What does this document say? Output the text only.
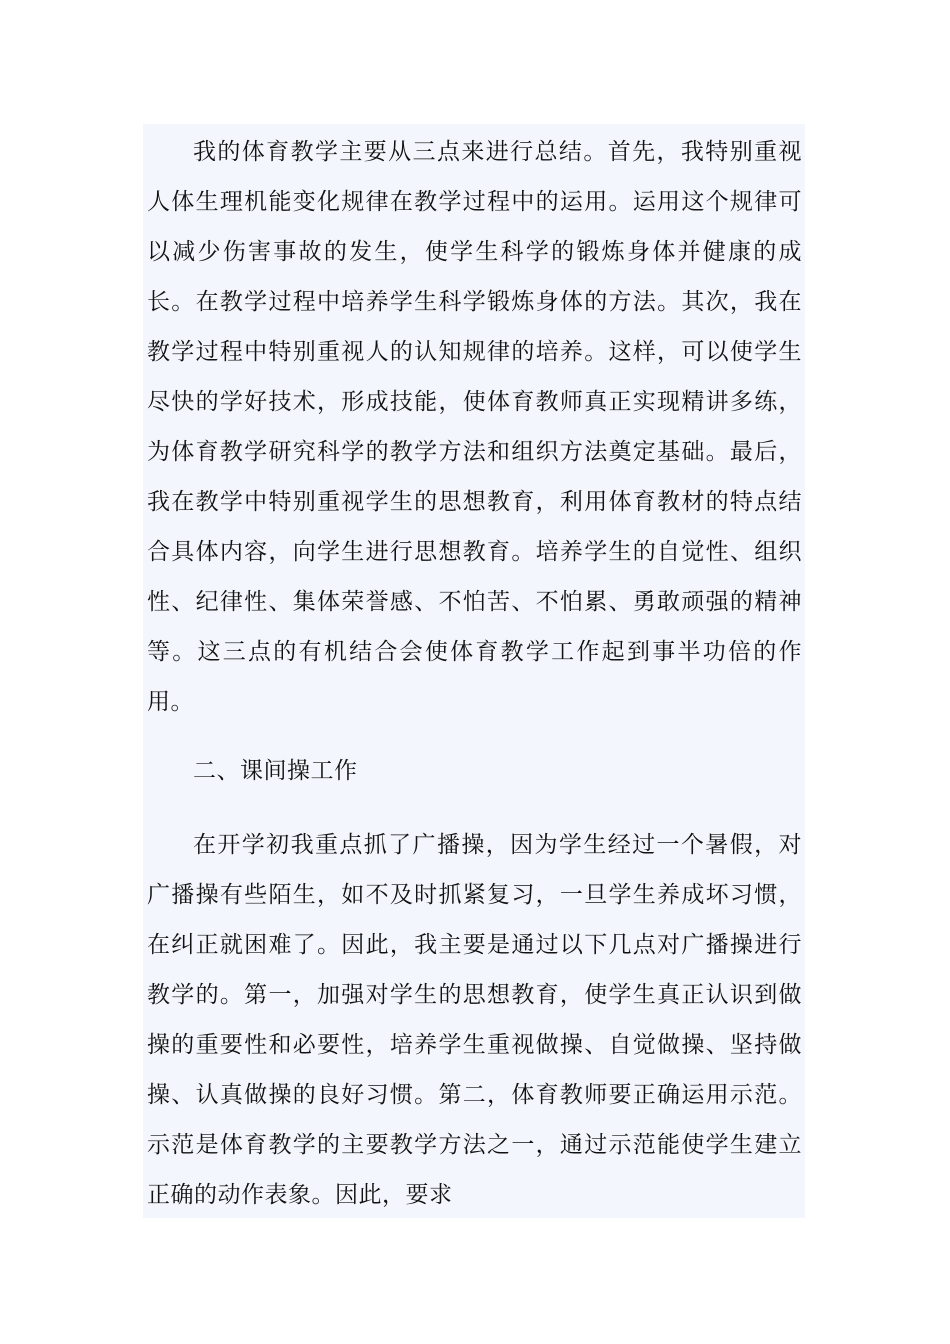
我的体育教学主要从三点来进行总结。首先，我特别重视人体生理机能变化规律在教学过程中的运用。运用这个规律可以减少伤害事故的发生，使学生科学的锻炼身体并健康的成长。在教学过程中培养学生科学锻炼身体的方法。其次，我在教学过程中特别重视人的认知规律的培养。这样，可以使学生尽快的学好技术，形成技能，使体育教师真正实现精讲多练，为体育教学研究科学的教学方法和组织方法奠定基础。最后，我在教学中特别重视学生的思想教育，利用体育教材的特点结合具体内容，向学生进行思想教育。培养学生的自觉性、组织性、纪律性、集体荣誉感、不怕苦、不怕累、勇敢顽强的精神等。这三点的有机结合会使体育教学工作起到事半功倍的作用。

二、课间操工作

在开学初我重点抓了广播操，因为学生经过一个暑假，对广播操有些陌生，如不及时抓紧复习，一旦学生养成坏习惯，在纠正就困难了。因此，我主要是通过以下几点对广播操进行教学的。第一，加强对学生的思想教育，使学生真正认识到做操的重要性和必要性，培养学生重视做操、自觉做操、坚持做操、认真做操的良好习惯。第二，体育教师要正确运用示范。示范是体育教学的主要教学方法之一，通过示范能使学生建立正确的动作表象。因此，要求
